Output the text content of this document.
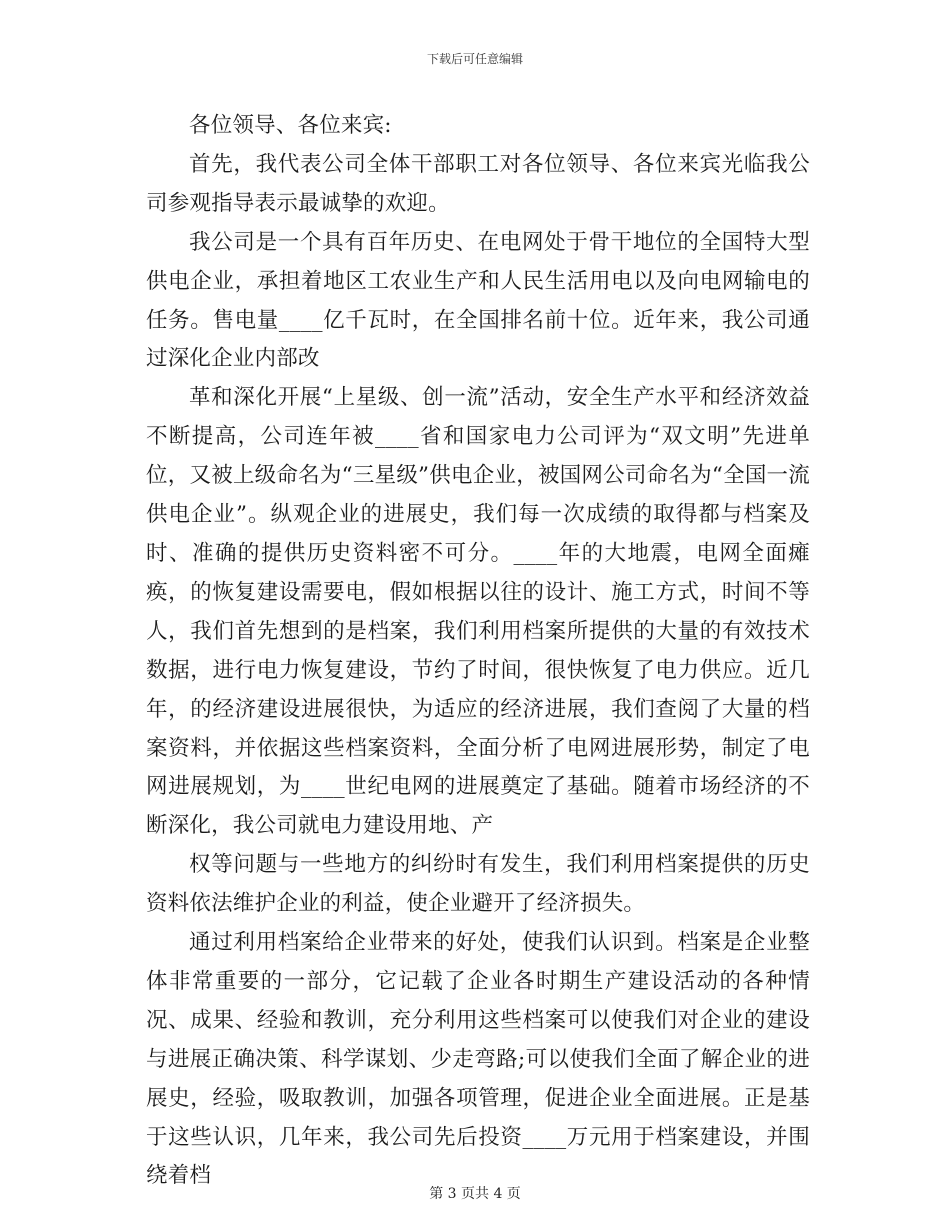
下载后可任意编辑

各位领导、各位来宾:

首先，我代表公司全体干部职工对各位领导、各位来宾光临我公司参观指导表示最诚挚的欢迎。

我公司是一个具有百年历史、在电网处于骨干地位的全国特大型供电企业，承担着地区工农业生产和人民生活用电以及向电网输电的任务。售电量____亿千瓦时，在全国排名前十位。近年来，我公司通过深化企业内部改

革和深化开展“上星级、创一流”活动，安全生产水平和经济效益不断提高，公司连年被____省和国家电力公司评为“双文明”先进单位，又被上级命名为“三星级”供电企业，被国网公司命名为“全国一流供电企业”。纵观企业的进展史，我们每一次成绩的取得都与档案及时、准确的提供历史资料密不可分。____年的大地震，电网全面瘫痪，的恢复建设需要电，假如根据以往的设计、施工方式，时间不等人，我们首先想到的是档案，我们利用档案所提供的大量的有效技术数据，进行电力恢复建设，节约了时间，很快恢复了电力供应。近几年，的经济建设进展很快，为适应的经济进展，我们查阅了大量的档案资料，并依据这些档案资料，全面分析了电网进展形势，制定了电网进展规划，为____世纪电网的进展奠定了基础。随着市场经济的不断深化，我公司就电力建设用地、产

权等问题与一些地方的纠纷时有发生，我们利用档案提供的历史资料依法维护企业的利益，使企业避开了经济损失。

通过利用档案给企业带来的好处，使我们认识到。档案是企业整体非常重要的一部分，它记载了企业各时期生产建设活动的各种情况、成果、经验和教训，充分利用这些档案可以使我们对企业的建设与进展正确决策、科学谋划、少走弯路;可以使我们全面了解企业的进展史，经验，吸取教训，加强各项管理，促进企业全面进展。正是基于这些认识，几年来，我公司先后投资____万元用于档案建设，并围绕着档

第 3 页共 4 页
